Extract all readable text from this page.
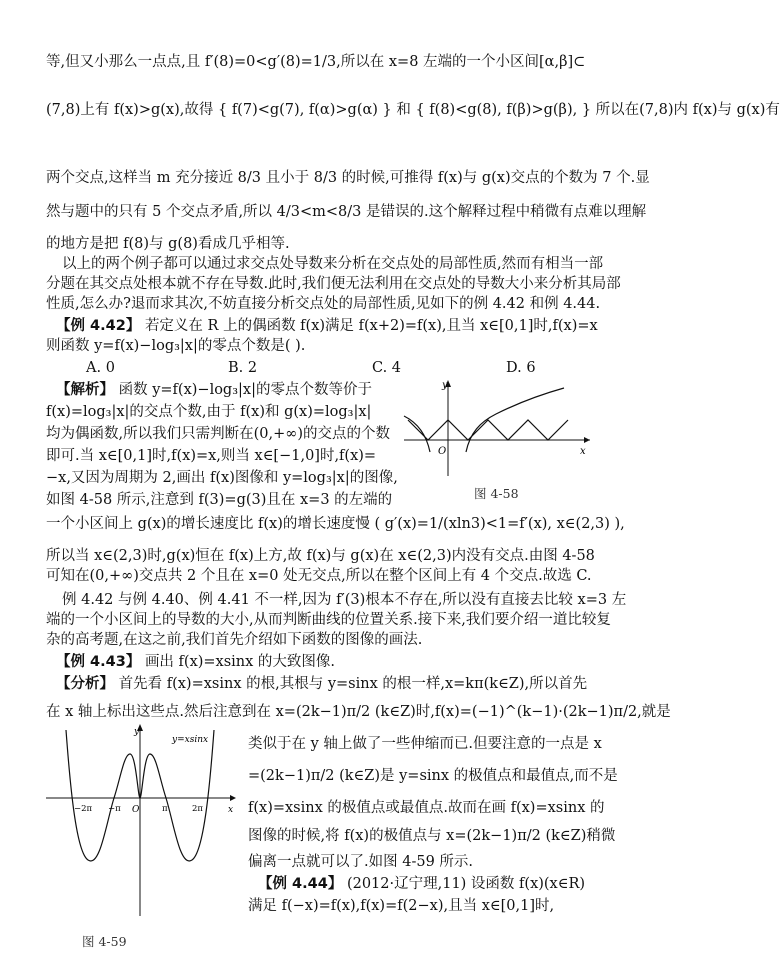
等,但又小那么一点点,且 f′(8)=0<g′(8)=1/3,所以在 x=8 左端的一个小区间[α,β]⊂
(7,8)上有 f(x)>g(x),故得 { f(7)<g(7), f(α)>g(α) } 和 { f(8)<g(8), f(β)>g(β), } 所以在(7,8)内 f(x)与 g(x)有
两个交点,这样当 m 充分接近 8/3 且小于 8/3 的时候,可推得 f(x)与 g(x)交点的个数为 7 个.显
然与题中的只有 5 个交点矛盾,所以 4/3<m<8/3 是错误的.这个解释过程中稍微有点难以理解
的地方是把 f(8)与 g(8)看成几乎相等.
以上的两个例子都可以通过求交点处导数来分析在交点处的局部性质,然而有相当一部
分题在其交点处根本就不存在导数.此时,我们便无法利用在交点处的导数大小来分析其局部
性质,怎么办?退而求其次,不妨直接分析交点处的局部性质,见如下的例 4.42 和例 4.44.
【例 4.42】 若定义在 R 上的偶函数 f(x)满足 f(x+2)=f(x),且当 x∈[0,1]时,f(x)=x
则函数 y=f(x)−log₃|x|的零点个数是( ).
A. 0	B. 2	C. 4	D. 6
【解析】 函数 y=f(x)−log₃|x|的零点个数等价于
f(x)=log₃|x|的交点个数,由于 f(x)和 g(x)=log₃|x|
均为偶函数,所以我们只需判断在(0,+∞)的交点的个数
即可.当 x∈[0,1]时,f(x)=x,则当 x∈[−1,0]时,f(x)=
−x,又因为周期为 2,画出 f(x)图像和 y=log₃|x|的图像,
如图 4-58 所示,注意到 f(3)=g(3)且在 x=3 的左端的
y
x
O
图 4-58
一个小区间上 g(x)的增长速度比 f(x)的增长速度慢 ( g′(x)=1/(xln3)<1=f′(x), x∈(2,3) ),
所以当 x∈(2,3)时,g(x)恒在 f(x)上方,故 f(x)与 g(x)在 x∈(2,3)内没有交点.由图 4-58
可知在(0,+∞)交点共 2 个且在 x=0 处无交点,所以在整个区间上有 4 个交点.故选 C.
例 4.42 与例 4.40、例 4.41 不一样,因为 f′(3)根本不存在,所以没有直接去比较 x=3 左
端的一个小区间上的导数的大小,从而判断曲线的位置关系.接下来,我们要介绍一道比较复
杂的高考题,在这之前,我们首先介绍如下函数的图像的画法.
【例 4.43】 画出 f(x)=xsinx 的大致图像.
【分析】 首先看 f(x)=xsinx 的根,其根与 y=sinx 的根一样,x=kπ(k∈Z),所以首先
在 x 轴上标出这些点.然后注意到在 x=(2k−1)π/2 (k∈Z)时,f(x)=(−1)^(k−1)·(2k−1)π/2,就是
y
x
O
y=xsinx
−2π −π	π	2π
图 4-59
类似于在 y 轴上做了一些伸缩而已.但要注意的一点是 x
=(2k−1)π/2 (k∈Z)是 y=sinx 的极值点和最值点,而不是
f(x)=xsinx 的极值点或最值点.故而在画 f(x)=xsinx 的
图像的时候,将 f(x)的极值点与 x=(2k−1)π/2 (k∈Z)稍微
偏离一点就可以了.如图 4-59 所示.
【例 4.44】 (2012·辽宁理,11) 设函数 f(x)(x∈R)
满足 f(−x)=f(x),f(x)=f(2−x),且当 x∈[0,1]时,
